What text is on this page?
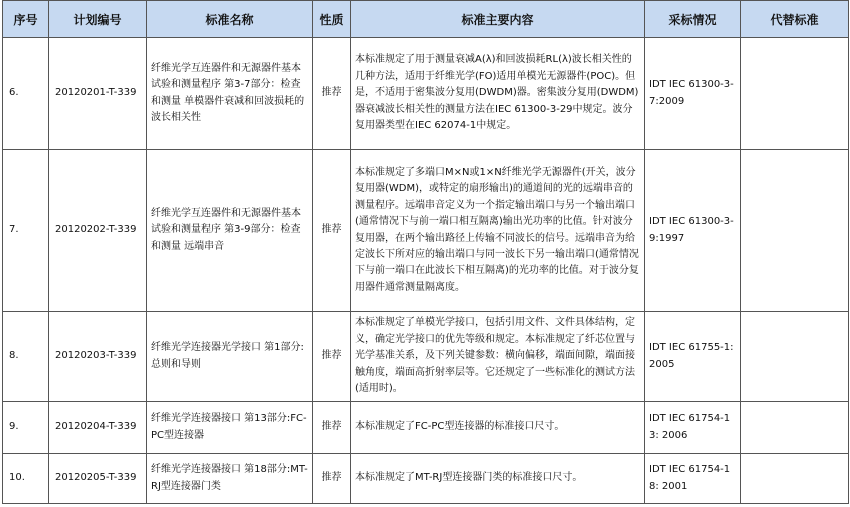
序号	计划编号	标准名称	性质	标准主要内容	采标情况	代替标准
6.	20120201-T-339	纤维光学互连器件和无源器件基本试验和测量程序 第3-7部分：检查和测量 单模器件衰减和回波损耗的波长相关性	推荐	本标准规定了用于测量衰减A(λ)和回波损耗RL(λ)波长相关性的几种方法，适用于纤维光学(FO)适用单模光无源器件(POC)。但是，不适用于密集波分复用(DWDM)器。密集波分复用(DWDM)器衰减波长相关性的测量方法在IEC 61300-3-29中规定。波分复用器类型在IEC 62074-1中规定。	IDT IEC 61300-3-7:2009	
7.	20120202-T-339	纤维光学互连器件和无源器件基本试验和测量程序 第3-9部分：检查和测量 远端串音	推荐	本标准规定了多端口M×N或1×N纤维光学无源器件(开关，波分复用器(WDM)，或特定的扇形输出)的通道间的光的远端串音的测量程序。远端串音定义为一个指定输出端口与另一个输出端口(通常情况下与前一端口相互隔离)输出光功率的比值。针对波分复用器，在两个输出路径上传输不同波长的信号。远端串音为给定波长下所对应的输出端口与同一波长下另一输出端口(通常情况下与前一端口在此波长下相互隔离)的光功率的比值。对于波分复用器件通常测量隔离度。	IDT IEC 61300-3-9:1997	
8.	20120203-T-339	纤维光学连接器光学接口 第1部分:总则和导则	推荐	本标准规定了单模光学接口，包括引用文件、文件具体结构，定义，确定光学接口的优先等级和规定。本标准规定了纤芯位置与光学基准关系，及下列关键参数：横向偏移，端面间隙，端面接触角度，端面高折射率层等。它还规定了一些标准化的测试方法(适用时)。	IDT IEC 61755-1:2005	
9.	20120204-T-339	纤维光学连接器接口 第13部分:FC-PC型连接器	推荐	本标准规定了FC-PC型连接器的标准接口尺寸。	IDT IEC 61754-13: 2006	
10.	20120205-T-339	纤维光学连接器接口 第18部分:MT-RJ型连接器门类	推荐	本标准规定了MT-RJ型连接器门类的标准接口尺寸。	IDT IEC 61754-18: 2001	
